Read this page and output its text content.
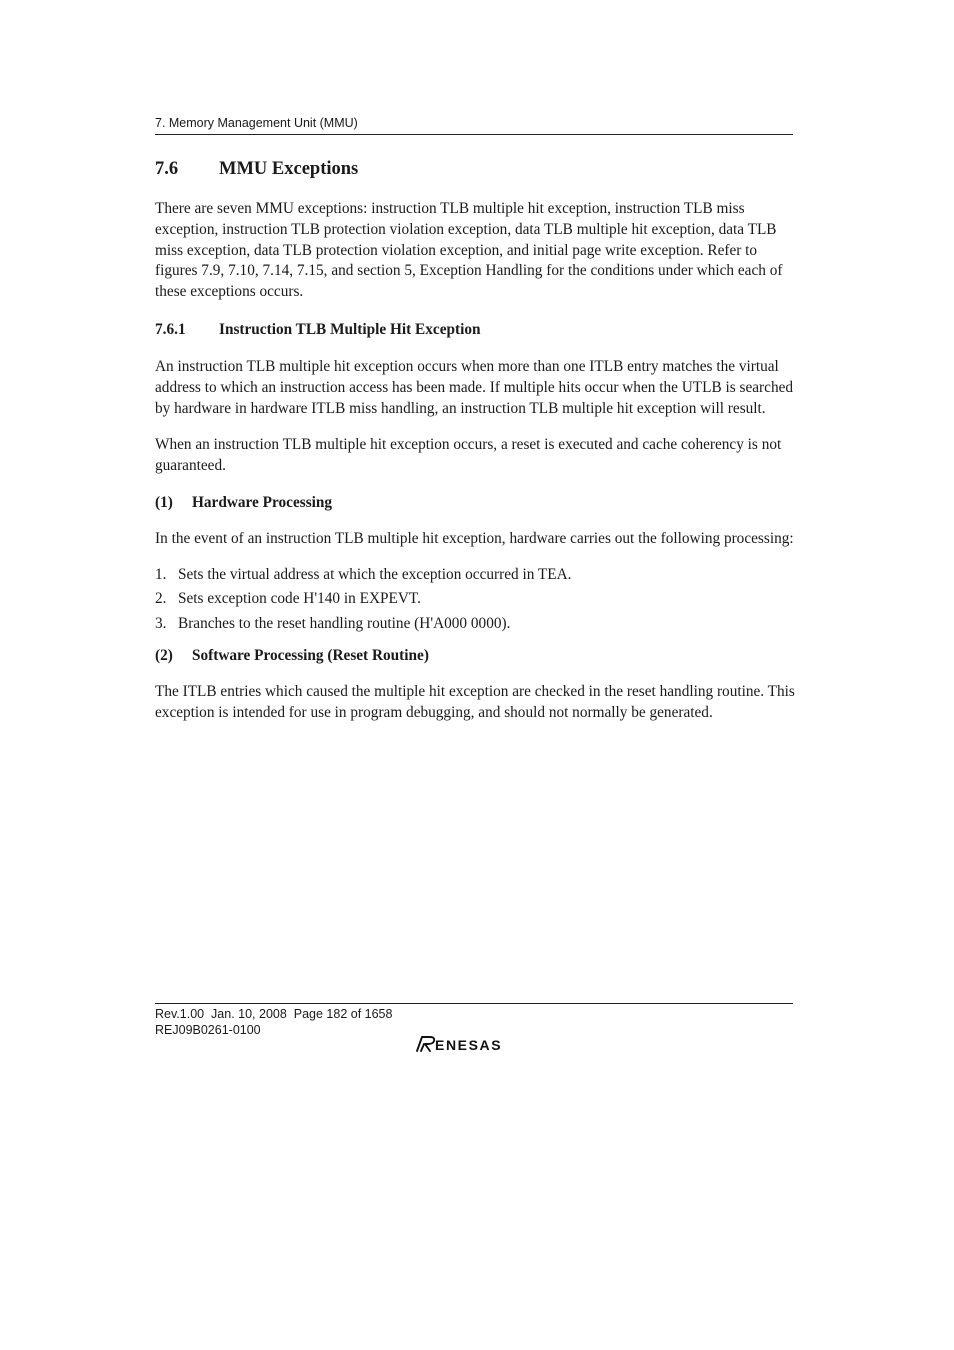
7. Memory Management Unit (MMU)
7.6 MMU Exceptions

There are seven MMU exceptions: instruction TLB multiple hit exception, instruction TLB miss exception, instruction TLB protection violation exception, data TLB multiple hit exception, data TLB miss exception, data TLB protection violation exception, and initial page write exception. Refer to figures 7.9, 7.10, 7.14, 7.15, and section 5, Exception Handling for the conditions under which each of these exceptions occurs.

7.6.1 Instruction TLB Multiple Hit Exception

An instruction TLB multiple hit exception occurs when more than one ITLB entry matches the virtual address to which an instruction access has been made. If multiple hits occur when the UTLB is searched by hardware in hardware ITLB miss handling, an instruction TLB multiple hit exception will result.

When an instruction TLB multiple hit exception occurs, a reset is executed and cache coherency is not guaranteed.

(1) Hardware Processing

In the event of an instruction TLB multiple hit exception, hardware carries out the following processing:

1. Sets the virtual address at which the exception occurred in TEA.
2. Sets exception code H'140 in EXPEVT.
3. Branches to the reset handling routine (H'A000 0000).
(2) Software Processing (Reset Routine)

The ITLB entries which caused the multiple hit exception are checked in the reset handling routine. This exception is intended for use in program debugging, and should not normally be generated.

Rev.1.00  Jan. 10, 2008  Page 182 of 1658
REJ09B0261-0100
ENESAS
